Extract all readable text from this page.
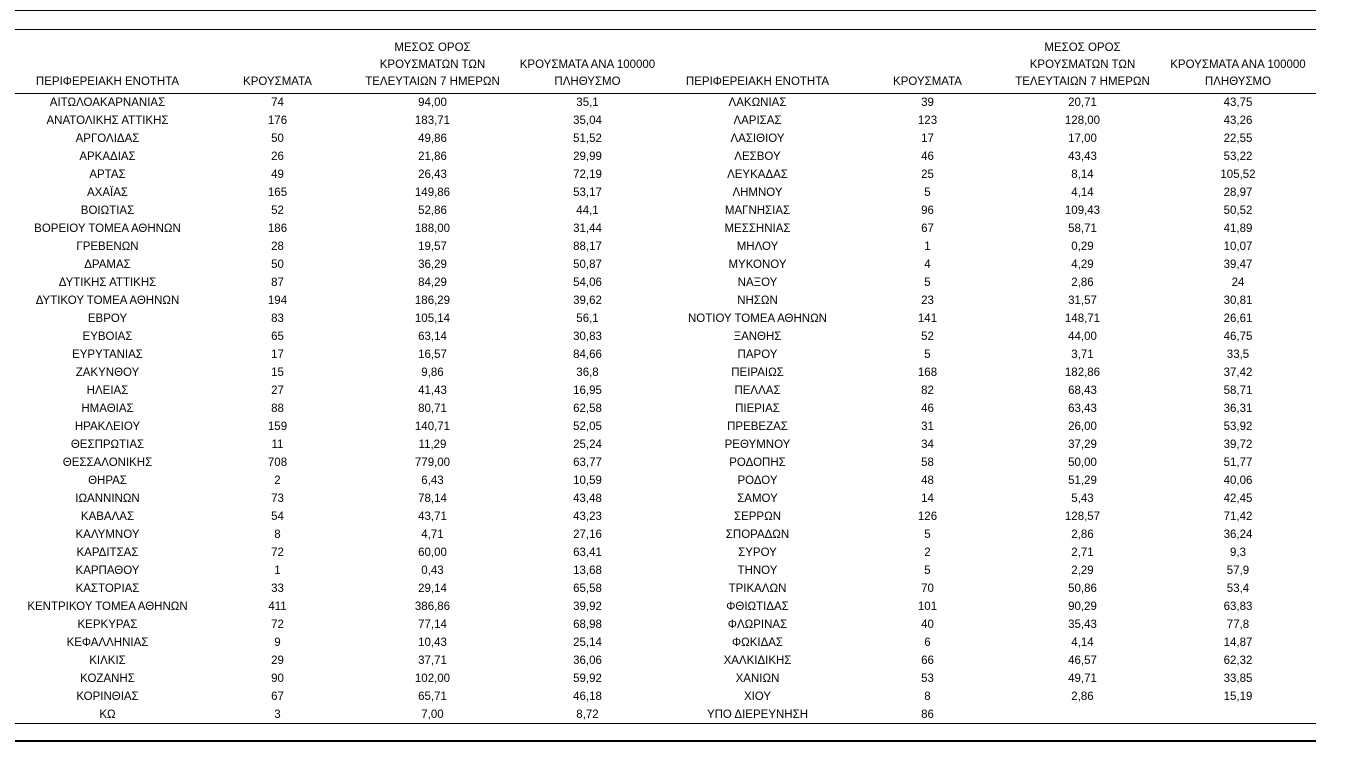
ΠΕΡΙΦΕΡΕΙΑΚΗ ΕΝΟΤΗΤΑ	ΚΡΟΥΣΜΑΤΑ	ΜΕΣΟΣ ΟΡΟΣ ΚΡΟΥΣΜΑΤΩΝ ΤΩΝ ΤΕΛΕΥΤΑΙΩΝ 7 ΗΜΕΡΩΝ	ΚΡΟΥΣΜΑΤΑ ΑΝΑ 100000 ΠΛΗΘΥΣΜΟ	ΠΕΡΙΦΕΡΕΙΑΚΗ ΕΝΟΤΗΤΑ	ΚΡΟΥΣΜΑΤΑ	ΜΕΣΟΣ ΟΡΟΣ ΚΡΟΥΣΜΑΤΩΝ ΤΩΝ ΤΕΛΕΥΤΑΙΩΝ 7 ΗΜΕΡΩΝ	ΚΡΟΥΣΜΑΤΑ ΑΝΑ 100000 ΠΛΗΘΥΣΜΟ
ΑΙΤΩΛΟΑΚΑΡΝΑΝΙΑΣ	74	94,00	35,1	ΛΑΚΩΝΙΑΣ	39	20,71	43,75
ΑΝΑΤΟΛΙΚΗΣ ΑΤΤΙΚΗΣ	176	183,71	35,04	ΛΑΡΙΣΑΣ	123	128,00	43,26
ΑΡΓΟΛΙΔΑΣ	50	49,86	51,52	ΛΑΣΙΘΙΟΥ	17	17,00	22,55
ΑΡΚΑΔΙΑΣ	26	21,86	29,99	ΛΕΣΒΟΥ	46	43,43	53,22
ΑΡΤΑΣ	49	26,43	72,19	ΛΕΥΚΑΔΑΣ	25	8,14	105,52
ΑΧΑΪΑΣ	165	149,86	53,17	ΛΗΜΝΟΥ	5	4,14	28,97
ΒΟΙΩΤΙΑΣ	52	52,86	44,1	ΜΑΓΝΗΣΙΑΣ	96	109,43	50,52
ΒΟΡΕΙΟΥ ΤΟΜΕΑ ΑΘΗΝΩΝ	186	188,00	31,44	ΜΕΣΣΗΝΙΑΣ	67	58,71	41,89
ΓΡΕΒΕΝΩΝ	28	19,57	88,17	ΜΗΛΟΥ	1	0,29	10,07
ΔΡΑΜΑΣ	50	36,29	50,87	ΜΥΚΟΝΟΥ	4	4,29	39,47
ΔΥΤΙΚΗΣ ΑΤΤΙΚΗΣ	87	84,29	54,06	ΝΑΞΟΥ	5	2,86	24
ΔΥΤΙΚΟΥ ΤΟΜΕΑ ΑΘΗΝΩΝ	194	186,29	39,62	ΝΗΣΩΝ	23	31,57	30,81
ΕΒΡΟΥ	83	105,14	56,1	ΝΟΤΙΟΥ ΤΟΜΕΑ ΑΘΗΝΩΝ	141	148,71	26,61
ΕΥΒΟΙΑΣ	65	63,14	30,83	ΞΑΝΘΗΣ	52	44,00	46,75
ΕΥΡΥΤΑΝΙΑΣ	17	16,57	84,66	ΠΑΡΟΥ	5	3,71	33,5
ΖΑΚΥΝΘΟΥ	15	9,86	36,8	ΠΕΙΡΑΙΩΣ	168	182,86	37,42
ΗΛΕΙΑΣ	27	41,43	16,95	ΠΕΛΛΑΣ	82	68,43	58,71
ΗΜΑΘΙΑΣ	88	80,71	62,58	ΠΙΕΡΙΑΣ	46	63,43	36,31
ΗΡΑΚΛΕΙΟΥ	159	140,71	52,05	ΠΡΕΒΕΖΑΣ	31	26,00	53,92
ΘΕΣΠΡΩΤΙΑΣ	11	11,29	25,24	ΡΕΘΥΜΝΟΥ	34	37,29	39,72
ΘΕΣΣΑΛΟΝΙΚΗΣ	708	779,00	63,77	ΡΟΔΟΠΗΣ	58	50,00	51,77
ΘΗΡΑΣ	2	6,43	10,59	ΡΟΔΟΥ	48	51,29	40,06
ΙΩΑΝΝΙΝΩΝ	73	78,14	43,48	ΣΑΜΟΥ	14	5,43	42,45
ΚΑΒΑΛΑΣ	54	43,71	43,23	ΣΕΡΡΩΝ	126	128,57	71,42
ΚΑΛΥΜΝΟΥ	8	4,71	27,16	ΣΠΟΡΑΔΩΝ	5	2,86	36,24
ΚΑΡΔΙΤΣΑΣ	72	60,00	63,41	ΣΥΡΟΥ	2	2,71	9,3
ΚΑΡΠΑΘΟΥ	1	0,43	13,68	ΤΗΝΟΥ	5	2,29	57,9
ΚΑΣΤΟΡΙΑΣ	33	29,14	65,58	ΤΡΙΚΑΛΩΝ	70	50,86	53,4
ΚΕΝΤΡΙΚΟΥ ΤΟΜΕΑ ΑΘΗΝΩΝ	411	386,86	39,92	ΦΘΙΩΤΙΔΑΣ	101	90,29	63,83
ΚΕΡΚΥΡΑΣ	72	77,14	68,98	ΦΛΩΡΙΝΑΣ	40	35,43	77,8
ΚΕΦΑΛΛΗΝΙΑΣ	9	10,43	25,14	ΦΩΚΙΔΑΣ	6	4,14	14,87
ΚΙΛΚΙΣ	29	37,71	36,06	ΧΑΛΚΙΔΙΚΗΣ	66	46,57	62,32
ΚΟΖΑΝΗΣ	90	102,00	59,92	ΧΑΝΙΩΝ	53	49,71	33,85
ΚΟΡΙΝΘΙΑΣ	67	65,71	46,18	ΧΙΟΥ	8	2,86	15,19
ΚΩ	3	7,00	8,72	ΥΠΟ ΔΙΕΡΕΥΝΗΣΗ	86		
